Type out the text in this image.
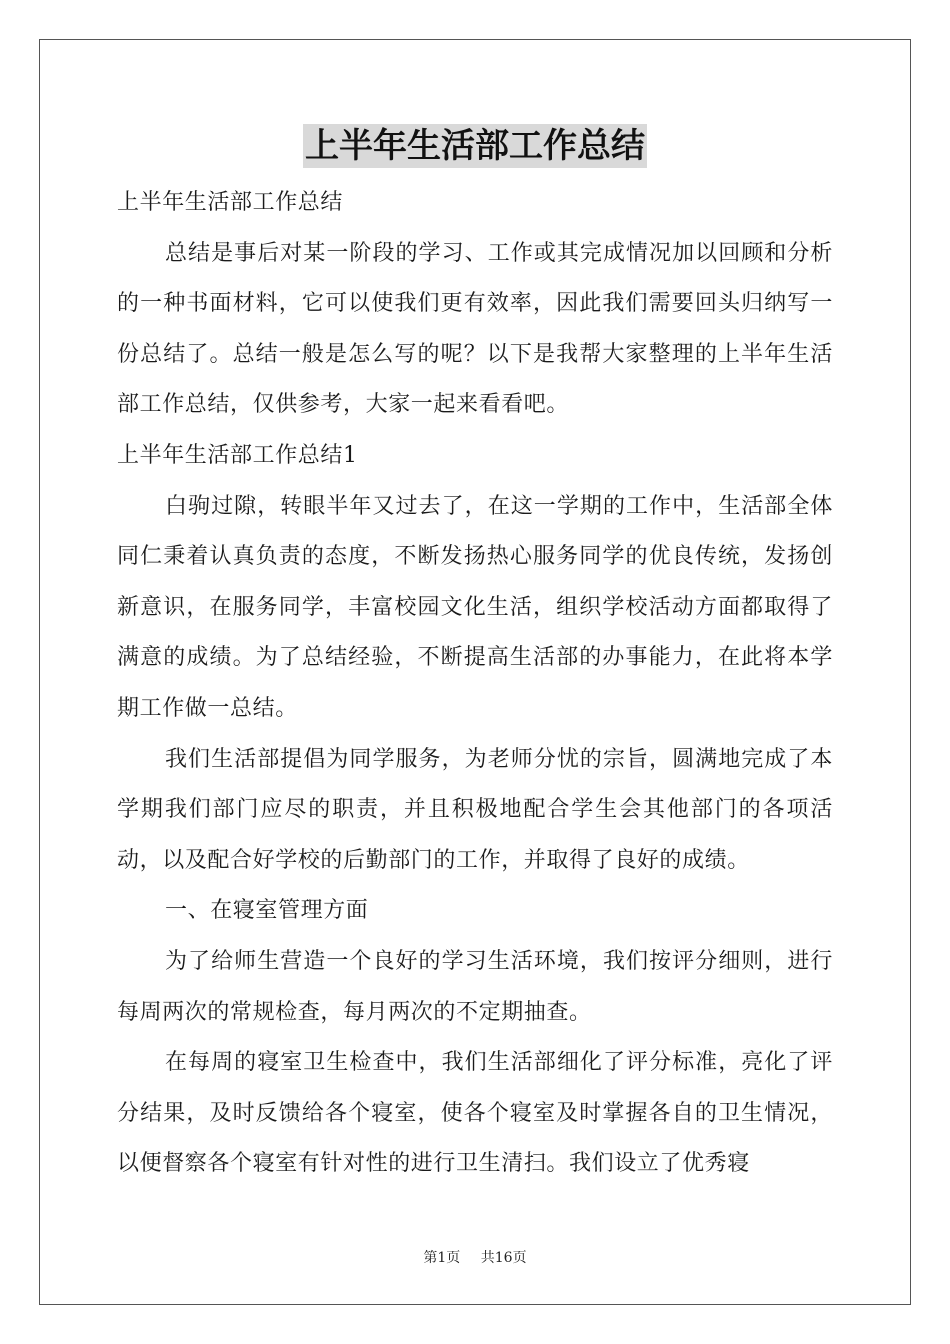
上半年生活部工作总结

上半年生活部工作总结

总结是事后对某一阶段的学习、工作或其完成情况加以回顾和分析的一种书面材料，它可以使我们更有效率，因此我们需要回头归纳写一份总结了。总结一般是怎么写的呢？以下是我帮大家整理的上半年生活部工作总结，仅供参考，大家一起来看看吧。

上半年生活部工作总结1

白驹过隙，转眼半年又过去了，在这一学期的工作中，生活部全体同仁秉着认真负责的态度，不断发扬热心服务同学的优良传统，发扬创新意识，在服务同学，丰富校园文化生活，组织学校活动方面都取得了满意的成绩。为了总结经验，不断提高生活部的办事能力，在此将本学期工作做一总结。

我们生活部提倡为同学服务，为老师分忧的宗旨，圆满地完成了本学期我们部门应尽的职责，并且积极地配合学生会其他部门的各项活动，以及配合好学校的后勤部门的工作，并取得了良好的成绩。

一、在寝室管理方面

为了给师生营造一个良好的学习生活环境，我们按评分细则，进行每周两次的常规检查，每月两次的不定期抽查。

在每周的寝室卫生检查中，我们生活部细化了评分标准，亮化了评分结果，及时反馈给各个寝室，使各个寝室及时掌握各自的卫生情况，以便督察各个寝室有针对性的进行卫生清扫。我们设立了优秀寝

第1页 共16页
